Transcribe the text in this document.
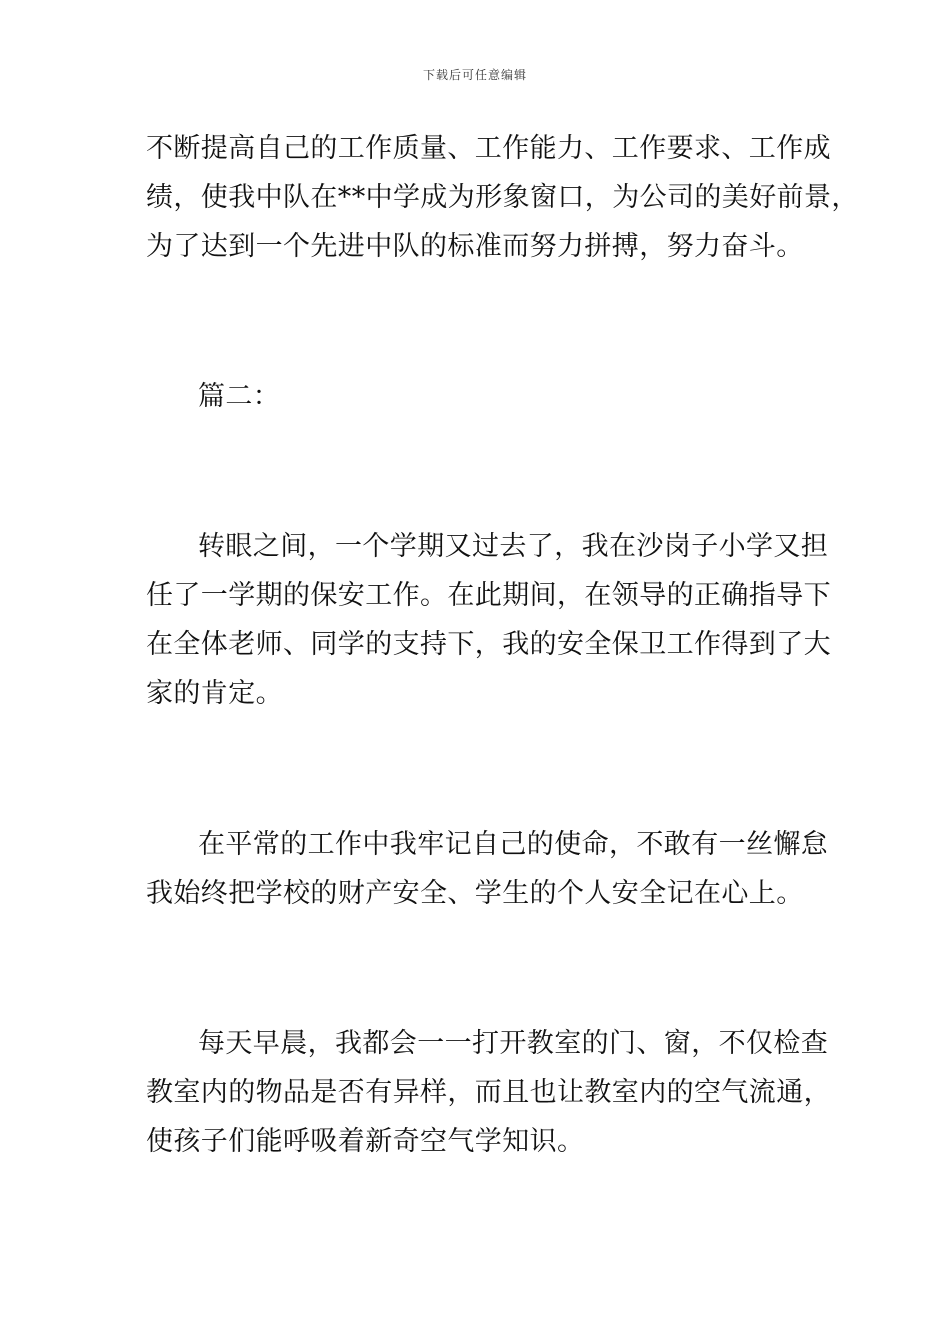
下载后可任意编辑
不断提高自己的工作质量、工作能力、工作要求、工作成
绩，使我中队在**中学成为形象窗口，为公司的美好前景，
为了达到一个先进中队的标准而努力拼搏，努力奋斗。
篇二：
转眼之间，一个学期又过去了，我在沙岗子小学又担
任了一学期的保安工作。在此期间，在领导的正确指导下
在全体老师、同学的支持下，我的安全保卫工作得到了大
家的肯定。
在平常的工作中我牢记自己的使命，不敢有一丝懈怠
我始终把学校的财产安全、学生的个人安全记在心上。
每天早晨，我都会一一打开教室的门、窗，不仅检查
教室内的物品是否有异样，而且也让教室内的空气流通，
使孩子们能呼吸着新奇空气学知识。
